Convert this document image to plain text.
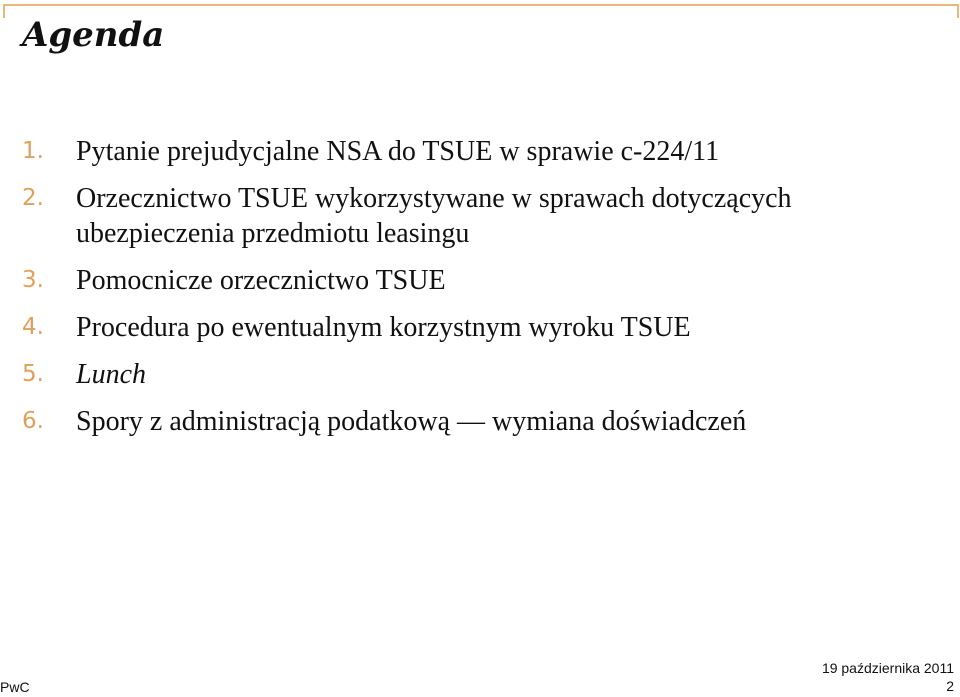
Agenda
1.	Pytanie prejudycjalne NSA do TSUE w sprawie c-224/11
2.	Orzecznictwo TSUE wykorzystywane w sprawach dotyczących ubezpieczenia przedmiotu leasingu
3.	Pomocnicze orzecznictwo TSUE
4.	Procedura po ewentualnym korzystnym wyroku TSUE
5.	Lunch
6.	Spory z administracją podatkową — wymiana doświadczeń
PwC
19 października 2011
2
